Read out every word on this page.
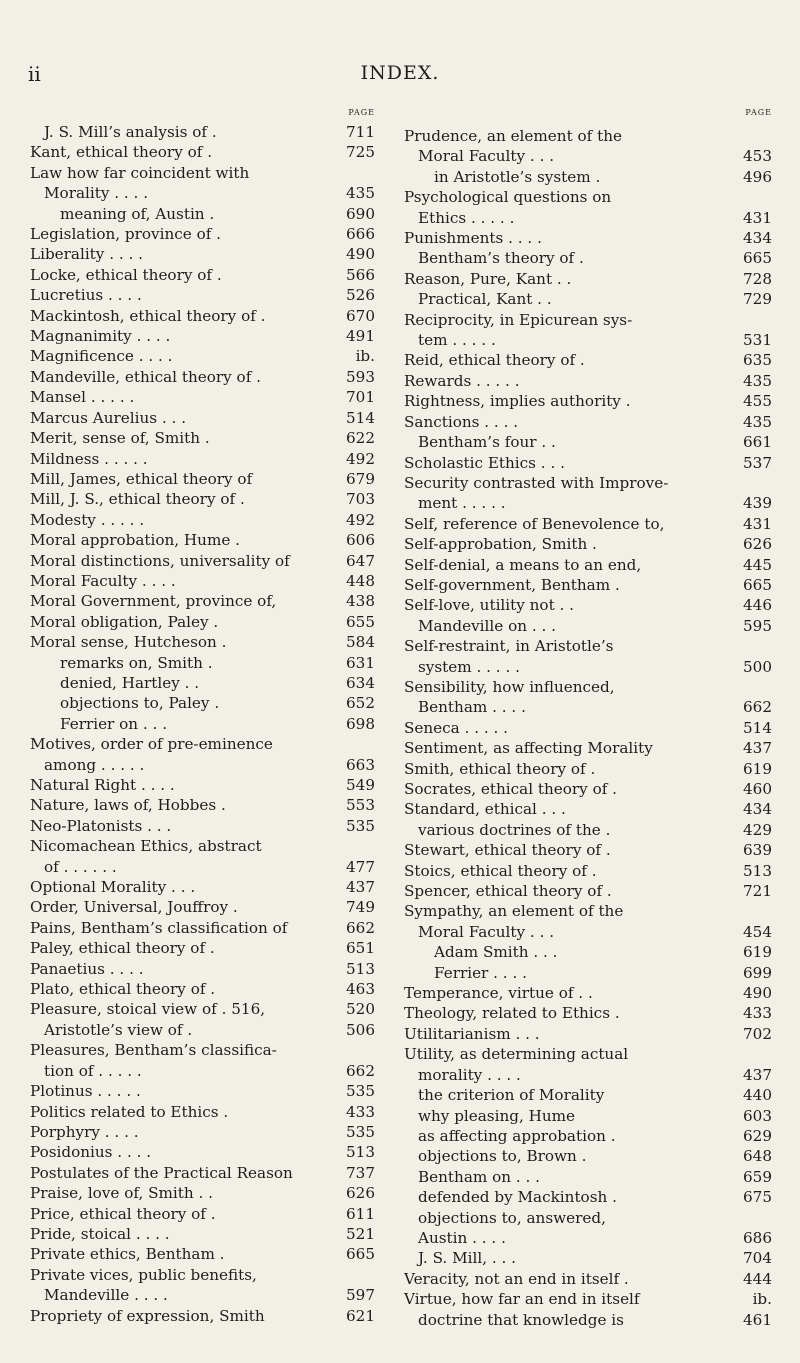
ii	INDEX.
PAGE
J. S. Mill’s analysis of .	711
Kant, ethical theory of .	725
Law how far coincident with
Morality . . . .	435
meaning of, Austin .	690
Legislation, province of .	666
Liberality . . . .	490
Locke, ethical theory of .	566
Lucretius . . . .	526
Mackintosh, ethical theory of .	670
Magnanimity . . . .	491
Magnificence . . . .	ib.
Mandeville, ethical theory of .	593
Mansel . . . . .	701
Marcus Aurelius . . .	514
Merit, sense of, Smith .	622
Mildness . . . . .	492
Mill, James, ethical theory of	679
Mill, J. S., ethical theory of .	703
Modesty . . . . .	492
Moral approbation, Hume .	606
Moral distinctions, universality of	647
Moral Faculty . . . .	448
Moral Government, province of,	438
Moral obligation, Paley .	655
Moral sense, Hutcheson .	584
remarks on, Smith .	631
denied, Hartley . .	634
objections to, Paley .	652
Ferrier on . . .	698
Motives, order of pre-eminence
among . . . . .	663
Natural Right . . . .	549
Nature, laws of, Hobbes .	553
Neo-Platonists . . .	535
Nicomachean Ethics, abstract
of . . . . . .	477
Optional Morality . . .	437
Order, Universal, Jouffroy .	749
Pains, Bentham’s classification of	662
Paley, ethical theory of .	651
Panaetius . . . .	513
Plato, ethical theory of .	463
Pleasure, stoical view of . 516,	520
Aristotle’s view of .	506
Pleasures, Bentham’s classifica-
tion of . . . . .	662
Plotinus . . . . .	535
Politics related to Ethics .	433
Porphyry . . . .	535
Posidonius . . . .	513
Postulates of the Practical Reason	737
Praise, love of, Smith . .	626
Price, ethical theory of .	611
Pride, stoical . . . .	521
Private ethics, Bentham .	665
Private vices, public benefits,
Mandeville . . . .	597
Propriety of expression, Smith	621
PAGE
Prudence, an element of the
Moral Faculty . . .	453
in Aristotle’s system .	496
Psychological questions on
Ethics . . . . .	431
Punishments . . . .	434
Bentham’s theory of .	665
Reason, Pure, Kant . .	728
Practical, Kant . .	729
Reciprocity, in Epicurean sys-
tem . . . . .	531
Reid, ethical theory of .	635
Rewards . . . . .	435
Rightness, implies authority .	455
Sanctions . . . .	435
Bentham’s four . .	661
Scholastic Ethics . . .	537
Security contrasted with Improve-
ment . . . . .	439
Self, reference of Benevolence to,	431
Self-approbation, Smith .	626
Self-denial, a means to an end,	445
Self-government, Bentham .	665
Self-love, utility not . .	446
Mandeville on . . .	595
Self-restraint, in Aristotle’s
system . . . . .	500
Sensibility, how influenced,
Bentham . . . .	662
Seneca . . . . .	514
Sentiment, as affecting Morality	437
Smith, ethical theory of .	619
Socrates, ethical theory of .	460
Standard, ethical . . .	434
various doctrines of the .	429
Stewart, ethical theory of .	639
Stoics, ethical theory of .	513
Spencer, ethical theory of .	721
Sympathy, an element of the
Moral Faculty . . .	454
Adam Smith . . .	619
Ferrier . . . .	699
Temperance, virtue of . .	490
Theology, related to Ethics .	433
Utilitarianism . . .	702
Utility, as determining actual
morality . . . .	437
the criterion of Morality	440
why pleasing, Hume	603
as affecting approbation .	629
objections to, Brown .	648
Bentham on . . .	659
defended by Mackintosh .	675
objections to, answered,
Austin . . . .	686
J. S. Mill, . . .	704
Veracity, not an end in itself .	444
Virtue, how far an end in itself	ib.
doctrine that knowledge is	461
